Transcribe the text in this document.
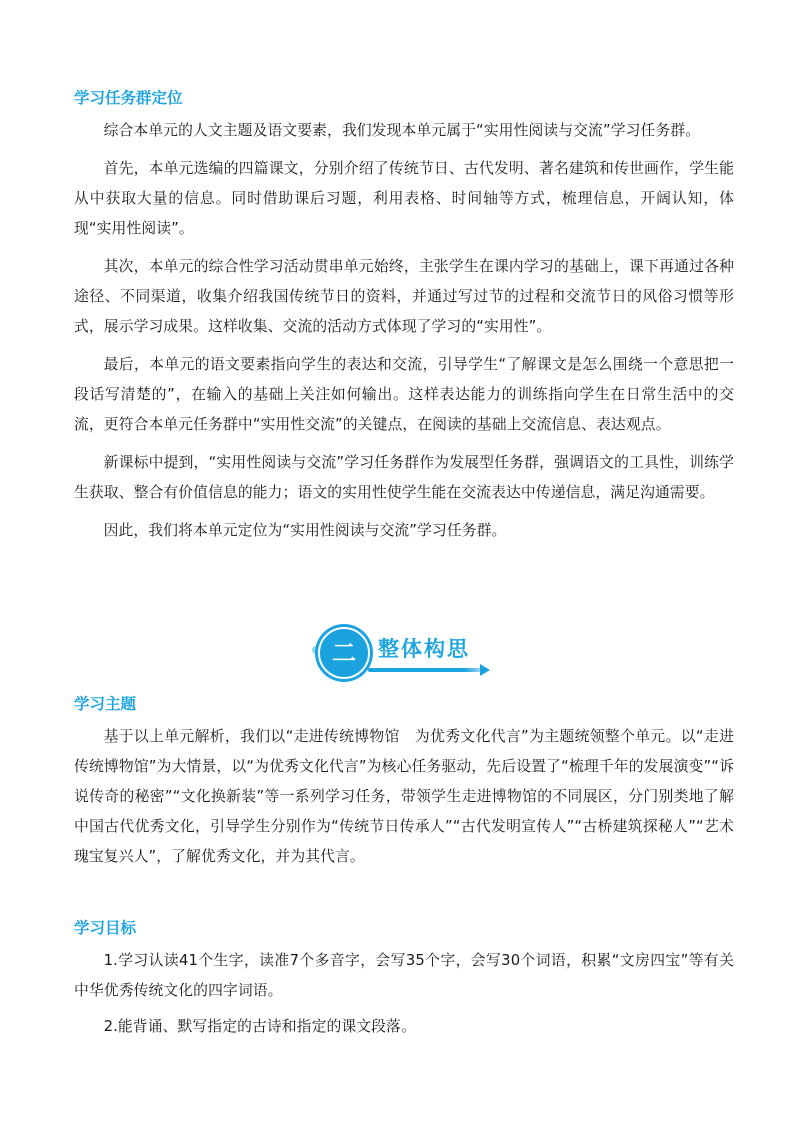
学习任务群定位

综合本单元的人文主题及语文要素，我们发现本单元属于“实用性阅读与交流”学习任务群。

首先，本单元选编的四篇课文，分别介绍了传统节日、古代发明、著名建筑和传世画作，学生能从中获取大量的信息。同时借助课后习题，利用表格、时间轴等方式，梳理信息，开阔认知，体现“实用性阅读”。

其次，本单元的综合性学习活动贯串单元始终，主张学生在课内学习的基础上，课下再通过各种途径、不同渠道，收集介绍我国传统节日的资料，并通过写过节的过程和交流节日的风俗习惯等形式，展示学习成果。这样收集、交流的活动方式体现了学习的“实用性”。

最后，本单元的语文要素指向学生的表达和交流，引导学生“了解课文是怎么围绕一个意思把一段话写清楚的”，在输入的基础上关注如何输出。这样表达能力的训练指向学生在日常生活中的交流，更符合本单元任务群中“实用性交流”的关键点，在阅读的基础上交流信息、表达观点。

新课标中提到，“实用性阅读与交流”学习任务群作为发展型任务群，强调语文的工具性，训练学生获取、整合有价值信息的能力；语文的实用性使学生能在交流表达中传递信息，满足沟通需要。

因此，我们将本单元定位为“实用性阅读与交流”学习任务群。

二	整体构思

学习主题

基于以上单元解析，我们以“走进传统博物馆　为优秀文化代言”为主题统领整个单元。以“走进传统博物馆”为大情景，以“为优秀文化代言”为核心任务驱动，先后设置了“梳理千年的发展演变”“诉说传奇的秘密”“文化换新装”等一系列学习任务，带领学生走进博物馆的不同展区，分门别类地了解中国古代优秀文化，引导学生分别作为“传统节日传承人”“古代发明宣传人”“古桥建筑探秘人”“艺术瑰宝复兴人”，了解优秀文化，并为其代言。

学习目标

1.学习认读41个生字，读准7个多音字，会写35个字，会写30个词语，积累“文房四宝”等有关中华优秀传统文化的四字词语。

2.能背诵、默写指定的古诗和指定的课文段落。
